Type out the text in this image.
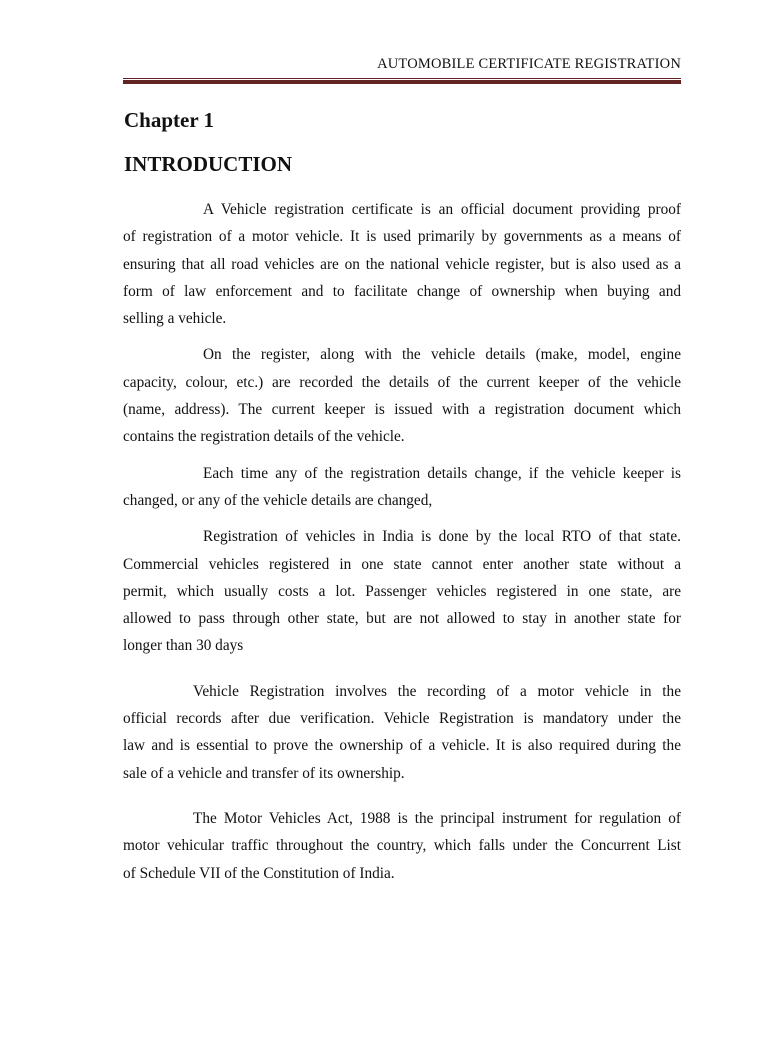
AUTOMOBILE CERTIFICATE REGISTRATION
Chapter 1
INTRODUCTION
A Vehicle registration certificate is an official document providing proof
of registration of a motor vehicle. It is used primarily by governments as a means of
ensuring that all road vehicles are on the national vehicle register, but is also used as a
form of law enforcement and to facilitate change of ownership when buying and
selling a vehicle.
On the register, along with the vehicle details (make, model, engine
capacity, colour, etc.) are recorded the details of the current keeper of the vehicle
(name, address). The current keeper is issued with a registration document which
contains the registration details of the vehicle.
Each time any of the registration details change, if the vehicle keeper is
changed, or any of the vehicle details are changed,
Registration of vehicles in India is done by the local RTO of that state.
Commercial vehicles registered in one state cannot enter another state without a
permit, which usually costs a lot. Passenger vehicles registered in one state, are
allowed to pass through other state, but are not allowed to stay in another state for
longer than 30 days
Vehicle Registration involves the recording of a motor vehicle in the
official records after due verification. Vehicle Registration is mandatory under the
law and is essential to prove the ownership of a vehicle. It is also required during the
sale of a vehicle and transfer of its ownership.
The Motor Vehicles Act, 1988 is the principal instrument for regulation of
motor vehicular traffic throughout the country, which falls under the Concurrent List
of Schedule VII of the Constitution of India.
